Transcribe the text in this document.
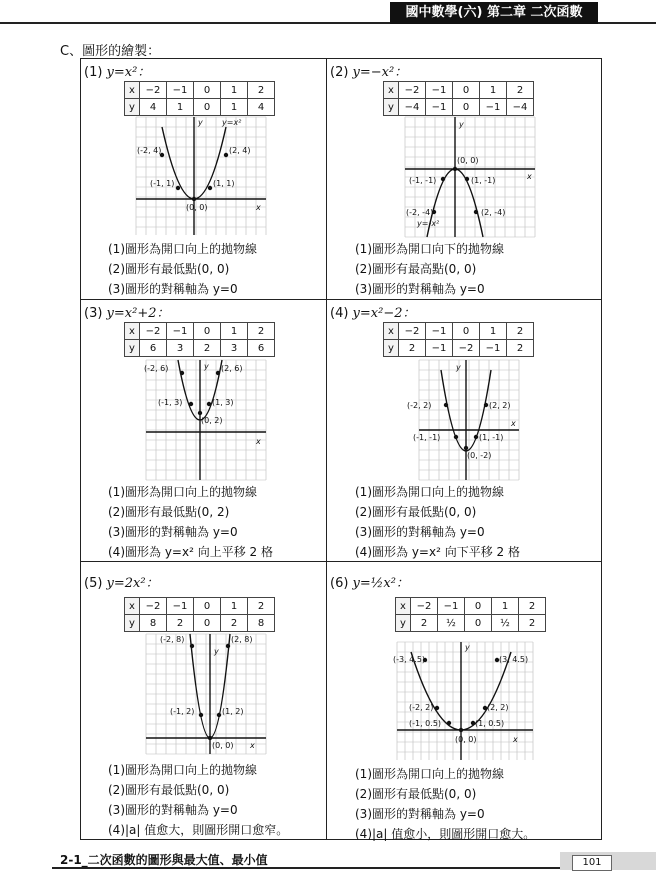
國中數學(六) 第二章 二次函數
C、圖形的繪製：
(1) y=x²：
x	−2	−1	0	1	2
y	4	1	0	1	4
y y=x²
(-2, 4)	(2, 4)
(-1, 1)	(1, 1)
(0, 0)	x
(1)圖形為開口向上的拋物線
(2)圖形有最低點(0, 0)
(3)圖形的對稱軸為 y=0
(2) y=−x²：
x	−2	−1	0	1	2
y	−4	−1	0	−1	−4
y
(0, 0)
(-1, -1)	(1, -1)	x
(-2, -4)	(2, -4)
y=-x²
(1)圖形為開口向下的拋物線
(2)圖形有最高點(0, 0)
(3)圖形的對稱軸為 y=0
(3) y=x²+2：
x	−2	−1	0	1	2
y	6	3	2	3	6
(-2, 6)	y (2, 6)
(-1, 3)	(1, 3)
(0, 2)
x
(1)圖形為開口向上的拋物線
(2)圖形有最低點(0, 2)
(3)圖形的對稱軸為 y=0
(4)圖形為 y=x² 向上平移 2 格
(4) y=x²−2：
x	−2	−1	0	1	2
y	2	−1	−2	−1	2
y
(-2, 2)	(2, 2)
(-1, -1)	(1, -1)
(0, -2)
x
(1)圖形為開口向上的拋物線
(2)圖形有最低點(0, 0)
(3)圖形的對稱軸為 y=0
(4)圖形為 y=x² 向下平移 2 格
(5) y=2x²：
x	−2	−1	0	1	2
y	8	2	0	2	8
(-2, 8)	(2, 8)
y
(-1, 2)	(1, 2)
(0, 0) x
(1)圖形為開口向上的拋物線
(2)圖形有最低點(0, 0)
(3)圖形的對稱軸為 y=0
(4)|a| 值愈大，則圖形開口愈窄。
(6) y=½x²：
x	−2	−1	0	1	2
y	2	½	0	½	2
y
(-3, 4.5)	(3, 4.5)
(-2, 2)	(2, 2)
(-1, 0.5)	(1, 0.5)
(0, 0)	x
(1)圖形為開口向上的拋物線
(2)圖形有最低點(0, 0)
(3)圖形的對稱軸為 y=0
(4)|a| 值愈小，則圖形開口愈大。
2-1_二次函數的圖形與最大值、最小值	101
